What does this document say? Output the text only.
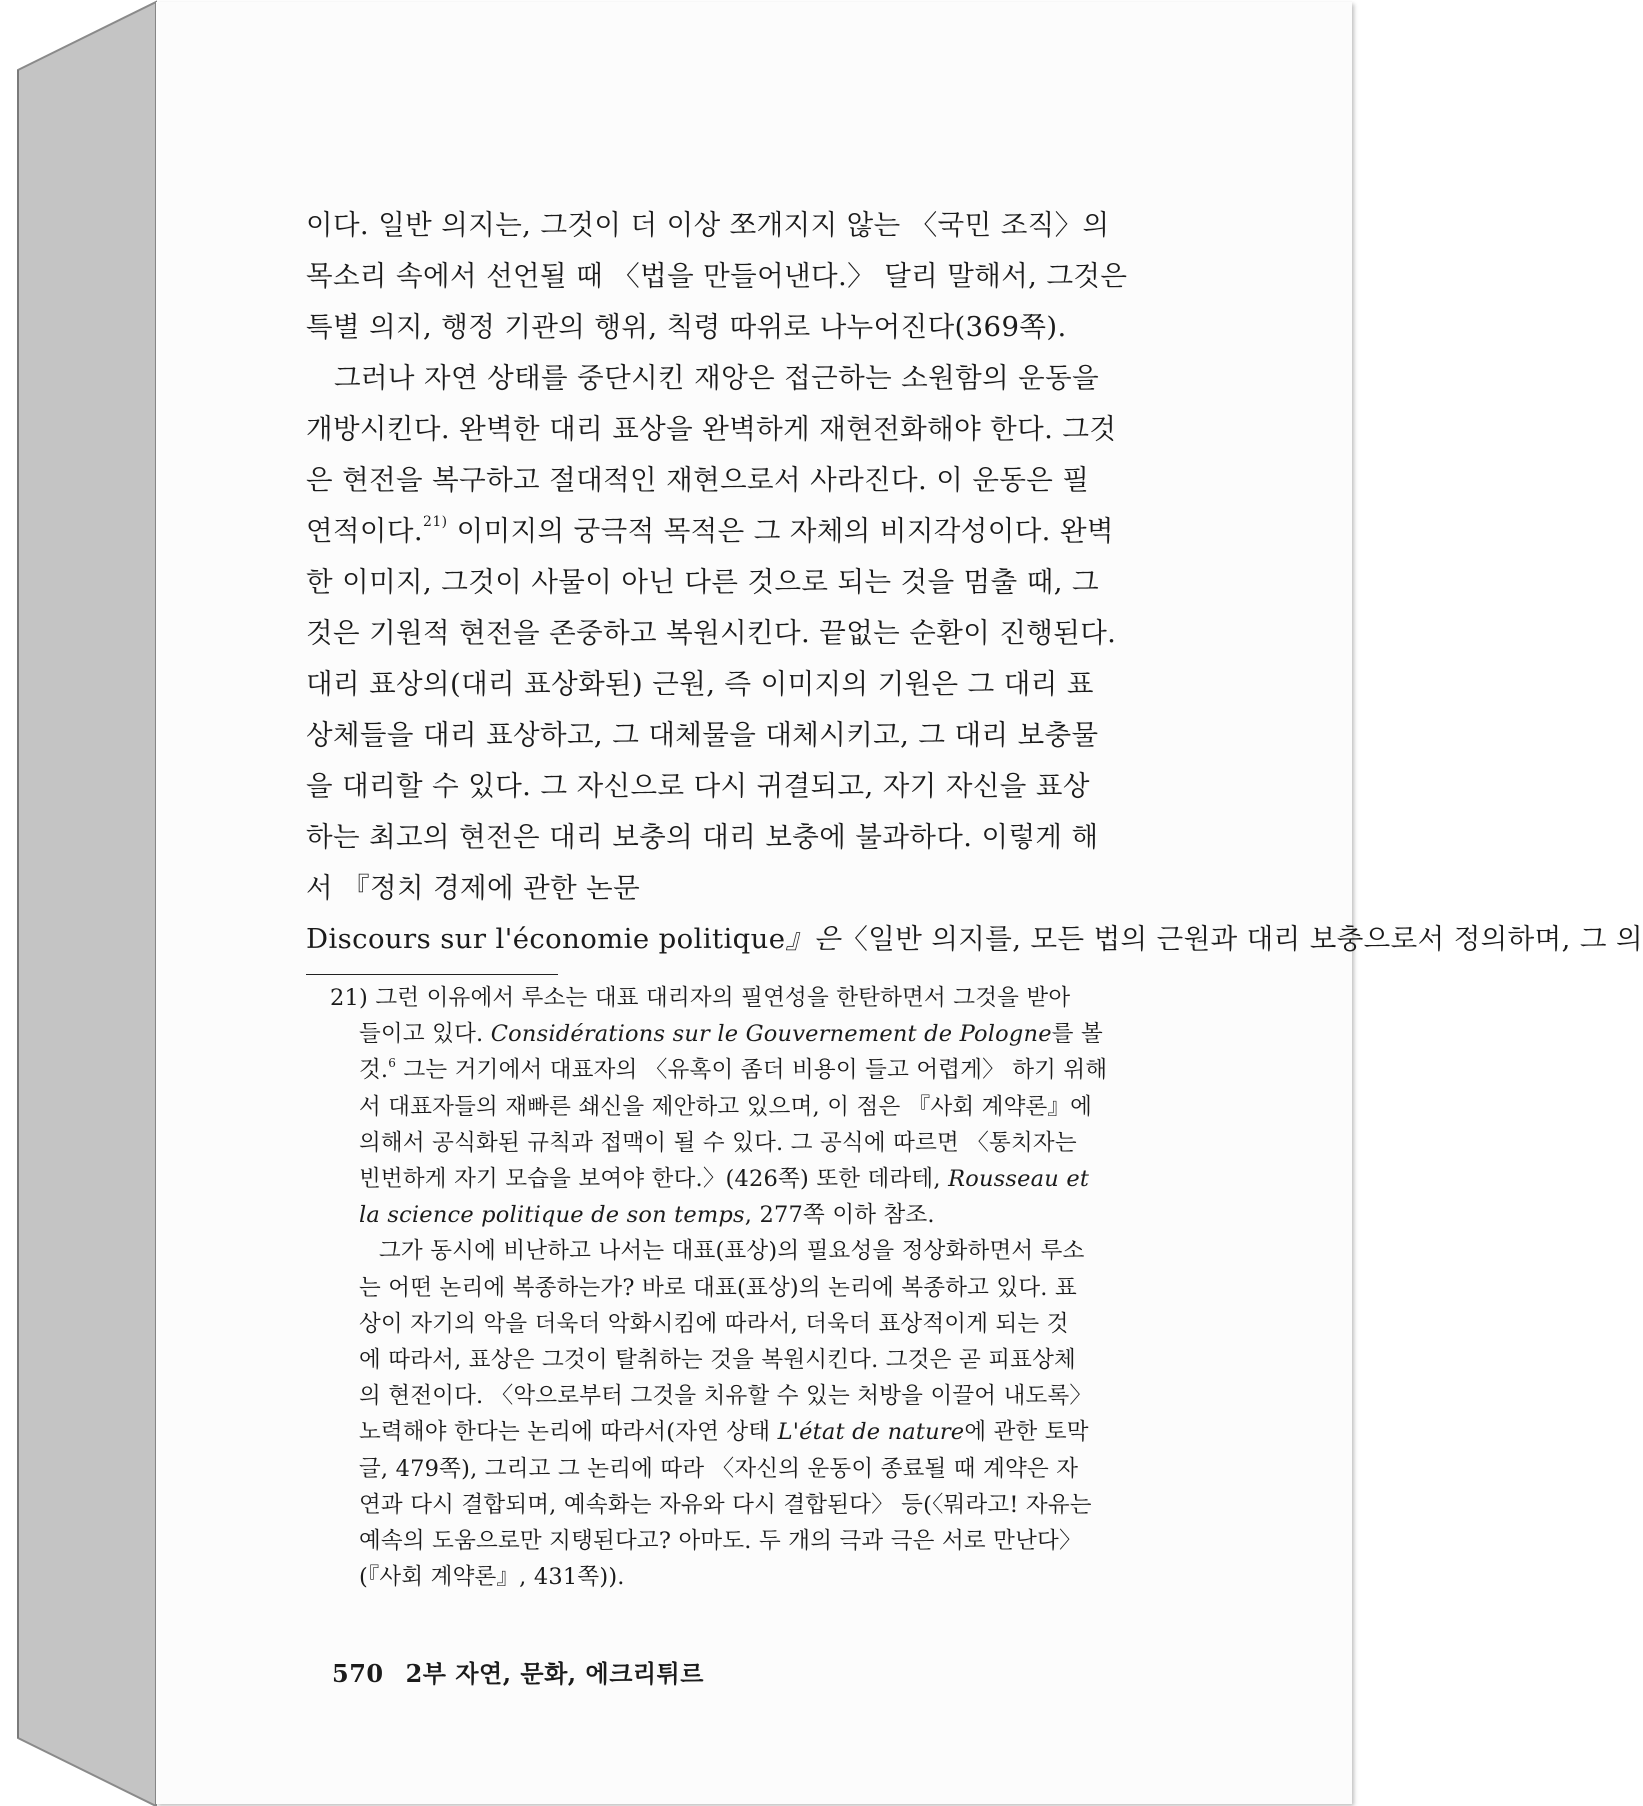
이다. 일반 의지는, 그것이 더 이상 쪼개지지 않는 〈국민 조직〉의
목소리 속에서 선언될 때 〈법을 만들어낸다.〉 달리 말해서, 그것은
특별 의지, 행정 기관의 행위, 칙령 따위로 나누어진다(369쪽).
그러나 자연 상태를 중단시킨 재앙은 접근하는 소원함의 운동을
개방시킨다. 완벽한 대리 표상을 완벽하게 재현전화해야 한다. 그것
은 현전을 복구하고 절대적인 재현으로서 사라진다. 이 운동은 필
연적이다.$^{21)}$ 이미지의 궁극적 목적은 그 자체의 비지각성이다. 완벽
한 이미지, 그것이 사물이 아닌 다른 것으로 되는 것을 멈출 때, 그
것은 기원적 현전을 존중하고 복원시킨다. 끝없는 순환이 진행된다.
대리 표상의(대리 표상화된) 근원, 즉 이미지의 기원은 그 대리 표
상체들을 대리 표상하고, 그 대체물을 대체시키고, 그 대리 보충물
을 대리할 수 있다. 그 자신으로 다시 귀결되고, 자기 자신을 표상
하는 최고의 현전은 대리 보충의 대리 보충에 불과하다. 이렇게 해
서 『정치 경제에 관한 논문
Discours sur l'économie politique』은〈일반 의지를, 모든 법의 근원과 대리 보충으로서 정의하며, 그 의
21) 그런 이유에서 루소는 대표 대리자의 필연성을 한탄하면서 그것을 받아
들이고 있다. Considérations sur le Gouvernement de Pologne를 볼
것.$^6$ 그는 거기에서 대표자의 〈유혹이 좀더 비용이 들고 어렵게〉 하기 위해
서 대표자들의 재빠른 쇄신을 제안하고 있으며, 이 점은 『사회 계약론』에
의해서 공식화된 규칙과 접맥이 될 수 있다. 그 공식에 따르면 〈통치자는
빈번하게 자기 모습을 보여야 한다.〉(426쪽) 또한 데라테, Rousseau et
la science politique de son temps, 277쪽 이하 참조.
그가 동시에 비난하고 나서는 대표(표상)의 필요성을 정상화하면서 루소
는 어떤 논리에 복종하는가? 바로 대표(표상)의 논리에 복종하고 있다. 표
상이 자기의 악을 더욱더 악화시킴에 따라서, 더욱더 표상적이게 되는 것
에 따라서, 표상은 그것이 탈취하는 것을 복원시킨다. 그것은 곧 피표상체
의 현전이다. 〈악으로부터 그것을 치유할 수 있는 처방을 이끌어 내도록〉
노력해야 한다는 논리에 따라서(자연 상태 L'état de nature에 관한 토막
글, 479쪽), 그리고 그 논리에 따라 〈자신의 운동이 종료될 때 계약은 자
연과 다시 결합되며, 예속화는 자유와 다시 결합된다〉 등(〈뭐라고! 자유는
예속의 도움으로만 지탱된다고? 아마도. 두 개의 극과 극은 서로 만난다〉
(『사회 계약론』, 431쪽)).
570 2부 자연, 문화, 에크리튀르
